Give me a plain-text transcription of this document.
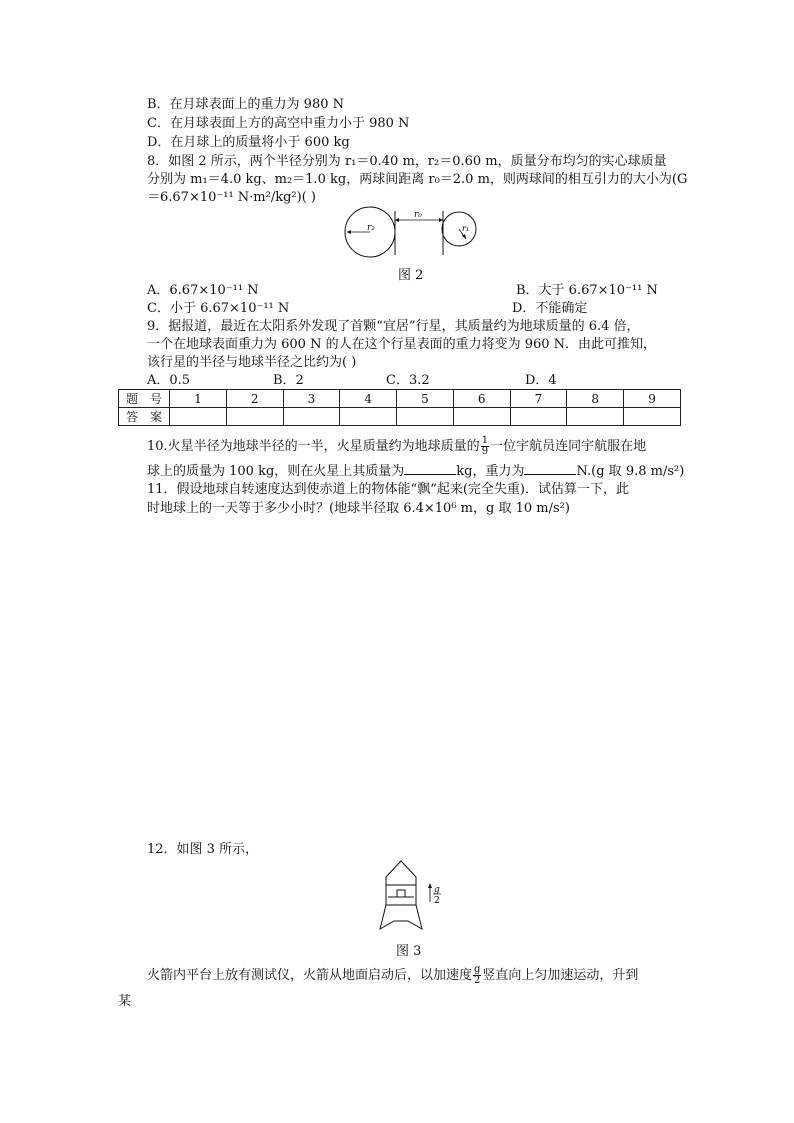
B．在月球表面上的重力为 980 N
C．在月球表面上方的高空中重力小于 980 N
D．在月球上的质量将小于 600 kg
8．如图 2 所示，两个半径分别为 r₁＝0.40 m，r₂＝0.60 m，质量分布均匀的实心球质量
分别为 m₁＝4.0 kg、m₂＝1.0 kg，两球间距离 r₀＝2.0 m，则两球间的相互引力的大小为(G
＝6.67×10⁻¹¹ N·m²/kg²)( )
r₂
r₀
r₁
图 2
A．6.67×10⁻¹¹ N	B．大于 6.67×10⁻¹¹ N
C．小于 6.67×10⁻¹¹ N	D．不能确定
9．据报道，最近在太阳系外发现了首颗“宜居”行星，其质量约为地球质量的 6.4 倍，
一个在地球表面重力为 600 N 的人在这个行星表面的重力将变为 960 N．由此可推知，
该行星的半径与地球半径之比约为( )
A．0.5	B．2	C．3.2	D．4
题　号	1	2	3	4	5	6	7	8	9
答　案									
10.火星半径为地球半径的一半，火星质量约为地球质量的 $\frac{1}{9}$ 一位宇航员连同宇航服在地
球上的质量为 100 kg，则在火星上其质量为	kg，重力为	N.(g 取 9.8 m/s²)
11．假设地球自转速度达到使赤道上的物体能“飘”起来(完全失重)．试估算一下，此
时地球上的一天等于多少小时？(地球半径取 6.4×10⁶ m，g 取 10 m/s²)
12．如图 3 所示，
g
2
图 3
火箭内平台上放有测试仪，火箭从地面启动后，以加速度 $\frac{g}{2}$ 竖直向上匀加速运动，升到
某
